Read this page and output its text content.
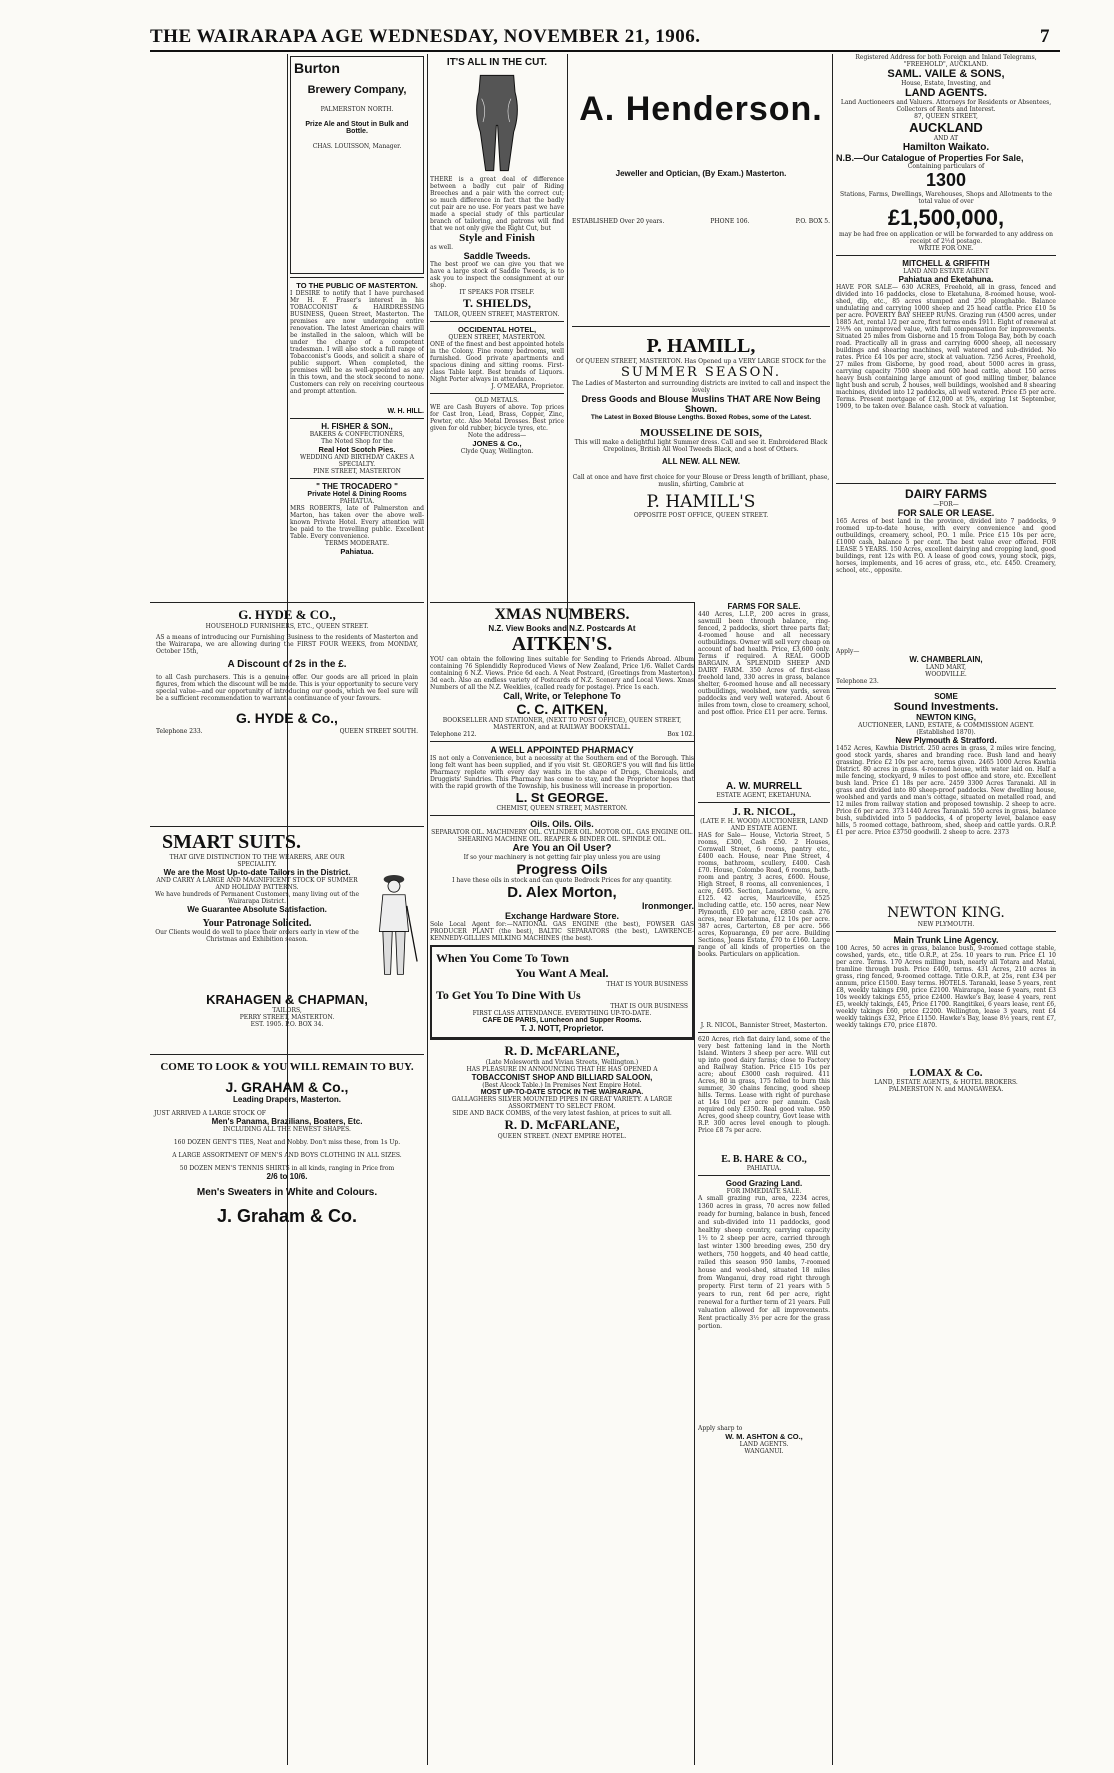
THE WAIRARAPA AGE WEDNESDAY, NOVEMBER 21, 1906.	7
Burton
Brewery Company,
PALMERSTON NORTH.
Prize Ale and Stout in Bulk and Bottle.
CHAS. LOUISSON, Manager.
TO THE PUBLIC OF MASTERTON.
I DESIRE to notify that I have purchased Mr H. F. Fraser's interest in his TOBACCONIST & HAIRDRESSING BUSINESS, Queen Street, Masterton. The premises are now undergoing entire renovation. The latest American chairs will be installed in the saloon, which will be under the charge of a competent tradesman. I will also stock a full range of Tobacconist's Goods, and solicit a share of public support. When completed, the premises will be as well-appointed as any in this town, and the stock second to none. Customers can rely on receiving courteous and prompt attention.
W. H. HILL.
H. FISHER & SON.,
BAKERS & CONFECTIONERS,
The Noted Shop for the
Real Hot Scotch Pies.
WEDDING AND BIRTHDAY CAKES A SPECIALTY.
PINE STREET, MASTERTON
" THE TROCADERO "
Private Hotel & Dining Rooms
PAHIATUA.
MRS ROBERTS, late of Palmerston and Marton, has taken over the above well-known Private Hotel. Every attention will be paid to the travelling public. Excellent Table. Every convenience.
TERMS MODERATE.
Pahiatua.
IT'S ALL IN THE CUT.
THERE is a great deal of difference between a badly cut pair of Riding Breeches and a pair with the correct cut; so much difference in fact that the badly cut pair are no use. For years past we have made a special study of this particular branch of tailoring, and patrons will find that we not only give the Right Cut, but
Style and Finish
as well.
Saddle Tweeds.
The best proof we can give you that we have a large stock of Saddle Tweeds, is to ask you to inspect the consignment at our shop.
IT SPEAKS FOR ITSELF.
T. SHIELDS,
TAILOR, QUEEN STREET, MASTERTON.
OCCIDENTAL HOTEL,
QUEEN STREET, MASTERTON.
ONE of the finest and best appointed hotels in the Colony. Fine roomy bedrooms, well furnished. Good private apartments and spacious dining and sitting rooms. First-class Table kept. Best brands of Liquors. Night Porter always in attendance.
J. O'MEARA, Proprietor.
OLD METALS.
WE are Cash Buyers of above. Top prices for Cast Iron, Lead, Brass, Copper, Zinc, Pewter, etc. Also Metal Drosses. Best price given for old rubber, bicycle tyres, etc.
Note the address—
JONES & Co.,
Clyde Quay, Wellington.
A. Henderson.
Jeweller and Optician, (By Exam.) Masterton.
ESTABLISHED Over 20 years.	PHONE 106.	P.O. BOX 5.
P. HAMILL,
Of QUEEN STREET, MASTERTON. Has Opened up a VERY LARGE STOCK for the
SUMMER SEASON.
The Ladies of Masterton and surrounding districts are invited to call and inspect the lovely
Dress Goods and Blouse Muslins THAT ARE Now Being Shown.
The Latest in Boxed Blouse Lengths. Boxed Robes, some of the Latest.
MOUSSELINE DE SOIS,
This will make a delightful light Summer dress. Call and see it. Embroidered Black Crepolines, British All Wool Tweeds Black, and a host of Others.
ALL NEW. ALL NEW.
Call at once and have first choice for your Blouse or Dress length of brilliant, phase, muslin, shirting, Cambric at
P. HAMILL'S
OPPOSITE POST OFFICE, QUEEN STREET.
G. HYDE & CO.,
HOUSEHOLD FURNISHERS, ETC., QUEEN STREET.
AS a means of introducing our Furnishing Business to the residents of Masterton and the Wairarapa, we are allowing during the FIRST FOUR WEEKS, from MONDAY, October 15th,
A Discount of 2s in the £.
to all Cash purchasers. This is a genuine offer. Our goods are all priced in plain figures, from which the discount will be made. This is your opportunity to secure very special value—and our opportunity of introducing our goods, which we feel sure will be a sufficient recommendation to warrant a continuance of your favours.
G. HYDE & Co.,
Telephone 233.	QUEEN STREET SOUTH.
SMART SUITS.
THAT GIVE DISTINCTION TO THE WEARERS, ARE OUR SPECIALITY.
We are the Most Up-to-date Tailors in the District.
AND CARRY A LARGE AND MAGNIFICENT STOCK OF SUMMER AND HOLIDAY PATTERNS.
We have hundreds of Permanent Customers, many living out of the Wairarapa District.
We Guarantee Absolute Satisfaction.
Your Patronage Solicited.
Our Clients would do well to place their orders early in view of the Christmas and Exhibition season.
KRAHAGEN & CHAPMAN,
TAILORS,
PERRY STREET, MASTERTON.
EST. 1905. P.O. BOX 34.
COME TO LOOK & YOU WILL REMAIN TO BUY.
J. GRAHAM & Co.,
Leading Drapers, Masterton.
JUST ARRIVED A LARGE STOCK OF
Men's Panama, Brazilians, Boaters, Etc.
INCLUDING ALL THE NEWEST SHAPES.
160 DOZEN GENT'S TIES, Neat and Nobby. Don't miss these, from 1s Up.
A LARGE ASSORTMENT OF MEN'S AND BOYS CLOTHING IN ALL SIZES.
50 DOZEN MEN'S TENNIS SHIRTS in all kinds, ranging in Price from
2/6 to 10/6.
Men's Sweaters in White and Colours.
J. Graham & Co.
FARMS FOR SALE.
440 Acres, L.I.P., 200 acres in grass, sawmill been through balance, ring-fenced, 2 paddocks, short three parts flat; 4-roomed house and all necessary outbuildings. Owner will sell very cheap on account of bad health. Price, £3,600 only. Terms if required. A REAL GOOD BARGAIN. A SPLENDID SHEEP AND DAIRY FARM. 350 Acres of first-class freehold land, 330 acres in grass, balance shelter, 6-roomed house and all necessary outbuildings, woolshed, new yards, seven paddocks and very well watered. About 6 miles from town, close to creamery, school, and post office. Price £11 per acre. Terms.
A. W. MURRELL
ESTATE AGENT, EKETAHUNA.
J. R. NICOL,
(LATE F. H. WOOD) AUCTIONEER, LAND AND ESTATE AGENT.
HAS for Sale— House, Victoria Street, 5 rooms, £300, Cash £50. 2 Houses, Cornwall Street, 6 rooms, pantry etc., £400 each. House, near Pine Street, 4 rooms, bathroom, scullery, £400. Cash £70. House, Colombo Road, 6 rooms, bath-room and pantry, 3 acres, £600. House, High Street, 8 rooms, all conveniences, 1 acre, £495. Section, Lansdowne, ¼ acre, £125. 42 acres, Mauriceville, £525 including cattle, etc. 150 acres, near New Plymouth, £10 per acre, £850 cash. 276 acres, near Eketahuna, £12 10s per acre. 387 acres, Carterton, £8 per acre. 566 acres, Kopuaranga, £9 per acre. Building Sections, Jeans Estate, £70 to £160. Large range of all kinds of properties on the books. Particulars on application.
J. R. NICOL, Bannister Street, Masterton.
620 Acres, rich flat dairy land, some of the very best fattening land in the North Island. Winters 3 sheep per acre. Will cut up into good dairy farms; close to Factory and Railway Station. Price £15 10s per acre; about £3000 cash required. 411 Acres, 80 in grass, 175 felled to burn this summer, 30 chains fencing, good sheep hills. Terms. Lease with right of purchase at 14s 10d per acre per annum. Cash required only £350. Real good value. 950 Acres, good sheep country, Govt lease with R.P. 300 acres level enough to plough. Price £8 7s per acre.
E. B. HARE & CO.,
PAHIATUA.
Good Grazing Land.
FOR IMMEDIATE SALE.
A small grazing run, area, 2234 acres, 1360 acres in grass, 70 acres now felled ready for burning, balance in bush, fenced and sub-divided into 11 paddocks, good healthy sheep country, carrying capacity 1½ to 2 sheep per acre, carried through last winter 1300 breeding ewes, 250 dry wethers, 750 hoggets, and 40 head cattle, railed this season 950 lambs, 7-roomed house and wool-shed, situated 18 miles from Wanganui, dray road right through property. First term of 21 years with 5 years to run, rent 6d per acre, right renewal for a further term of 21 years. Full valuation allowed for all improvements. Rent practically 3½ per acre for the grass portion.
Apply sharp to
W. M. ASHTON & CO.,
LAND AGENTS.
WANGANUI.
Registered Address for both Foreign and Inland Telegrams,
"FREEHOLD", AUCKLAND.
SAML. VAILE & SONS,
House, Estate, Investing, and
LAND AGENTS.
Land Auctioneers and Valuers. Attorneys for Residents or Absentees, Collectors of Rents and Interest.
87, QUEEN STREET,
AUCKLAND
AND AT
Hamilton Waikato.
N.B.—Our Catalogue of Properties For Sale,
Containing particulars of
1300
Stations, Farms, Dwellings, Warehouses, Shops and Allotments to the total value of over
£1,500,000,
may be had free on application or will be forwarded to any address on receipt of 2½d postage.
WRITE FOR ONE.
MITCHELL & GRIFFITH
LAND AND ESTATE AGENT
Pahiatua and Eketahuna.
HAVE FOR SALE— 630 ACRES, Freehold, all in grass, fenced and divided into 16 paddocks, close to Eketahuna, 8-roomed house, wool-shed, dip, etc., 85 acres stumped and 250 ploughable. Balance undulating and carrying 1000 sheep and 25 head cattle. Price £10 5s per acre. POVERTY BAY SHEEP RUNS. Grazing run (4500 acres, under 1885 Act, rental 1/2 per acre, first terms ends 1911. Eight of renewal at 2½% on unimproved value, with full compensation for improvements. Situated 25 miles from Gisborne and 15 from Tologa Bay, both by coach road. Practically all in grass and carrying 6000 sheep, all necessary buildings and shearing machines, well watered and sub-divided. No rates. Price £4 10s per acre, stock at valuation. 7256 Acres, Freehold, 27 miles from Gisborne, by good road, about 5000 acres in grass, carrying capacity 7500 sheep and 600 head cattle, about 150 acres heavy bush containing large amount of good milling timber, balance light bush and scrub, 2 houses, well buildings, woolshed and 8 shearing machines, divided into 12 paddocks, all well watered. Price £5 per acre. Terms. Present mortgage of £12,000 at 5%, expiring 1st September, 1909, to be taken over. Balance cash. Stock at valuation.
DAIRY FARMS
—FOR—
FOR SALE OR LEASE.
165 Acres of best land in the province, divided into 7 paddocks, 9 roomed up-to-date house, with every convenience and good outbuildings, creamery, school, P.O. 1 mile. Price £15 10s per acre, £1000 cash, balance 5 per cent. The best value ever offered. FOR LEASE 5 YEARS. 150 Acres, excellent dairying and cropping land, good buildings, rent 12s with P.O. A lease of good cows, young stock, pigs, horses, implements, and 16 acres of grass, etc., etc. £450. Creamery, school, etc., opposite.
Apply—
W. CHAMBERLAIN,
LAND MART,
WOODVILLE.
Telephone 23.
SOME
Sound Investments.
NEWTON KING,
AUCTIONEER, LAND, ESTATE, & COMMISSION AGENT.
(Established 1870).
New Plymouth & Stratford.
1452 Acres, Kawhia District. 250 acres in grass, 2 miles wire fencing, good stock yards, shares and branding race. Bush land and heavy grassing. Price £2 10s per acre, terms given. 2465 1000 Acres Kawhia District. 80 acres in grass. 4-roomed house, with water laid on. Half a mile fencing, stockyard, 9 miles to post office and store, etc. Excellent bush land. Price £1 18s per acre. 2459 3300 Acres Taranaki. All in grass and divided into 80 sheep-proof paddocks. New dwelling house, woolshed and yards and man's cottage, situated on metalled road, and 12 miles from railway station and proposed township. 2 sheep to acre. Price £6 per acre. 373 1440 Acres Taranaki. 550 acres in grass, balance bush, subdivided into 5 paddocks, 4 of property level, balance easy hills, 5 roomed cottage, bathroom, shed, sheep and cattle yards. O.R.P. £1 per acre. Price £3750 goodwill. 2 sheep to acre. 2373
NEWTON KING.
NEW PLYMOUTH.
Main Trunk Line Agency.
100 Acres, 50 acres in grass, balance bush, 9-roomed cottage stable, cowshed, yards, etc., title O.R.P., at 25s. 10 years to run. Price £1 10 per acre. Terms. 170 Acres milling bush, nearly all Totara and Matai, tramline through bush. Price £400, terms. 431 Acres, 210 acres in grass, ring fenced, 9-roomed cottage. Title O.R.P., at 25s, rent £34 per annum, price £1500. Easy terms. HOTELS. Taranaki, lease 5 years, rent £8, weekly takings £90, price £2100. Wairarapa, lease 6 years, rent £3 10s weekly takings £55, price £2400. Hawke's Bay, lease 4 years, rent £5, weekly takings, £45, Price £1700. Rangitikei, 6 years lease, rent £6, weekly takings £60, price £2200. Wellington, lease 3 years, rent £4 weekly takings £32, Price £1150. Hawke's Bay, lease 8½ years, rent £7, weekly takings £70, price £1870.
LOMAX & Co.
LAND, ESTATE AGENTS, & HOTEL BROKERS.
PALMERSTON N. and MANGAWEKA.
XMAS NUMBERS.
N.Z. View Books and N.Z. Postcards At
AITKEN'S.
YOU can obtain the following lines suitable for Sending to Friends Abroad. Album containing 76 Splendidly Reproduced Views of New Zealand, Price 1/6. Wallet Cards containing 6 N.Z. Views. Price 6d each. A Neat Postcard, (Greetings from Masterton). 3d each. Also an endless variety of Postcards of N.Z. Scenery and Local Views. Xmas Numbers of all the N.Z. Weeklies, (called ready for postage). Price 1s each.
Call, Write, or Telephone To
C. C. AITKEN,
BOOKSELLER AND STATIONER, (NEXT TO POST OFFICE), QUEEN STREET, MASTERTON, and at RAILWAY BOOKSTALL.
Telephone 212.	Box 102.
A WELL APPOINTED PHARMACY
IS not only a Convenience, but a necessity at the Southern end of the Borough. This long felt want has been supplied, and if you visit St. GEORGE'S you will find his little Pharmacy replete with every day wants in the shape of Drugs, Chemicals, and Druggists' Sundries. This Pharmacy has come to stay, and the Proprietor hopes that with the rapid growth of the Township, his business will increase in proportion.
L. St GEORGE.
CHEMIST, QUEEN STREET, MASTERTON.
Oils. Oils. Oils.
SEPARATOR OIL. MACHINERY OIL. CYLINDER OIL. MOTOR OIL. GAS ENGINE OIL. SHEARING MACHINE OIL. REAPER & BINDER OIL. SPINDLE OIL.
Are You an Oil User?
If so your machinery is not getting fair play unless you are using
Progress Oils
I have these oils in stock and can quote Bedrock Prices for any quantity.
D. Alex Morton,
Ironmonger.
Exchange Hardware Store.
Sole Local Agent for:—NATIONAL GAS ENGINE (the best), FOWSER GAS PRODUCER PLANT (the best), BALTIC SEPARATORS (the best), LAWRENCE-KENNEDY-GILLIES MILKING MACHINES (the best).
When You Come To Town
You Want A Meal.
THAT IS YOUR BUSINESS
To Get You To Dine With Us
THAT IS OUR BUSINESS
FIRST CLASS ATTENDANCE. EVERYTHING UP-TO-DATE.
CAFE DE PARIS, Luncheon and Supper Rooms.
T. J. NOTT, Proprietor.
R. D. McFARLANE,
(Late Molesworth and Vivian Streets, Wellington.)
HAS PLEASURE IN ANNOUNCING THAT HE HAS OPENED A
TOBACCONIST SHOP AND BILLIARD SALOON,
(Best Alcock Table.) In Premises Next Empire Hotel.
MOST UP-TO-DATE STOCK IN THE WAIRARAPA.
GALLAGHERS SILVER MOUNTED PIPES IN GREAT VARIETY. A LARGE ASSORTMENT TO SELECT FROM.
SIDE AND BACK COMBS, of the very latest fashion, at prices to suit all.
R. D. McFARLANE,
QUEEN STREET. (NEXT EMPIRE HOTEL.
